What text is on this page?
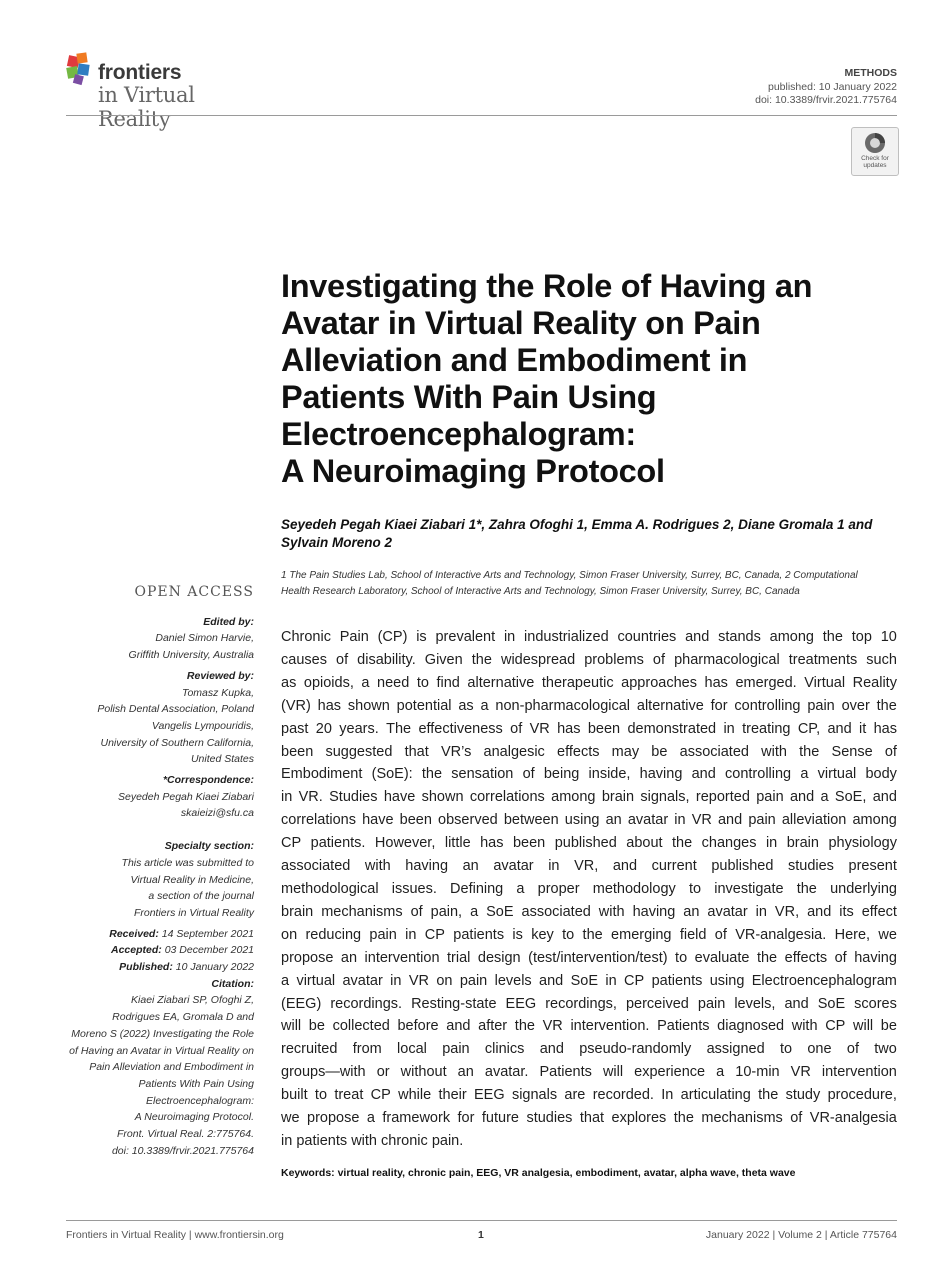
frontiers
in Virtual Reality
METHODS
published: 10 January 2022
doi: 10.3389/frvir.2021.775764
Check for
updates
Investigating the Role of Having an
Avatar in Virtual Reality on Pain
Alleviation and Embodiment in
Patients With Pain Using
Electroencephalogram:
A Neuroimaging Protocol
Seyedeh Pegah Kiaei Ziabari 1*, Zahra Ofoghi 1, Emma A. Rodrigues 2, Diane Gromala 1 and
Sylvain Moreno 2
1 The Pain Studies Lab, School of Interactive Arts and Technology, Simon Fraser University, Surrey, BC, Canada, 2 Computational
Health Research Laboratory, School of Interactive Arts and Technology, Simon Fraser University, Surrey, BC, Canada
OPEN ACCESS
Edited by:
Daniel Simon Harvie,
Griffith University, Australia
Reviewed by:
Tomasz Kupka,
Polish Dental Association, Poland
Vangelis Lympouridis,
University of Southern California,
United States
*Correspondence:
Seyedeh Pegah Kiaei Ziabari
skaieizi@sfu.ca
Specialty section:
This article was submitted to
Virtual Reality in Medicine,
a section of the journal
Frontiers in Virtual Reality
Received: 14 September 2021
Accepted: 03 December 2021
Published: 10 January 2022
Citation:
Kiaei Ziabari SP, Ofoghi Z,
Rodrigues EA, Gromala D and
Moreno S (2022) Investigating the Role
of Having an Avatar in Virtual Reality on
Pain Alleviation and Embodiment in
Patients With Pain Using
Electroencephalogram:
A Neuroimaging Protocol.
Front. Virtual Real. 2:775764.
doi: 10.3389/frvir.2021.775764
Chronic Pain (CP) is prevalent in industrialized countries and stands among the top 10
causes of disability. Given the widespread problems of pharmacological treatments such
as opioids, a need to find alternative therapeutic approaches has emerged. Virtual Reality
(VR) has shown potential as a non-pharmacological alternative for controlling pain over the
past 20 years. The effectiveness of VR has been demonstrated in treating CP, and it has
been suggested that VR’s analgesic effects may be associated with the Sense of
Embodiment (SoE): the sensation of being inside, having and controlling a virtual body
in VR. Studies have shown correlations among brain signals, reported pain and a SoE, and
correlations have been observed between using an avatar in VR and pain alleviation among
CP patients. However, little has been published about the changes in brain physiology
associated with having an avatar in VR, and current published studies present
methodological issues. Defining a proper methodology to investigate the underlying
brain mechanisms of pain, a SoE associated with having an avatar in VR, and its effect
on reducing pain in CP patients is key to the emerging field of VR-analgesia. Here, we
propose an intervention trial design (test/intervention/test) to evaluate the effects of having
a virtual avatar in VR on pain levels and SoE in CP patients using Electroencephalogram
(EEG) recordings. Resting-state EEG recordings, perceived pain levels, and SoE scores
will be collected before and after the VR intervention. Patients diagnosed with CP will be
recruited from local pain clinics and pseudo-randomly assigned to one of two
groups—with or without an avatar. Patients will experience a 10-min VR intervention
built to treat CP while their EEG signals are recorded. In articulating the study procedure,
we propose a framework for future studies that explores the mechanisms of VR-analgesia
in patients with chronic pain.
Keywords: virtual reality, chronic pain, EEG, VR analgesia, embodiment, avatar, alpha wave, theta wave
Frontiers in Virtual Reality | www.frontiersin.org	1	January 2022 | Volume 2 | Article 775764
